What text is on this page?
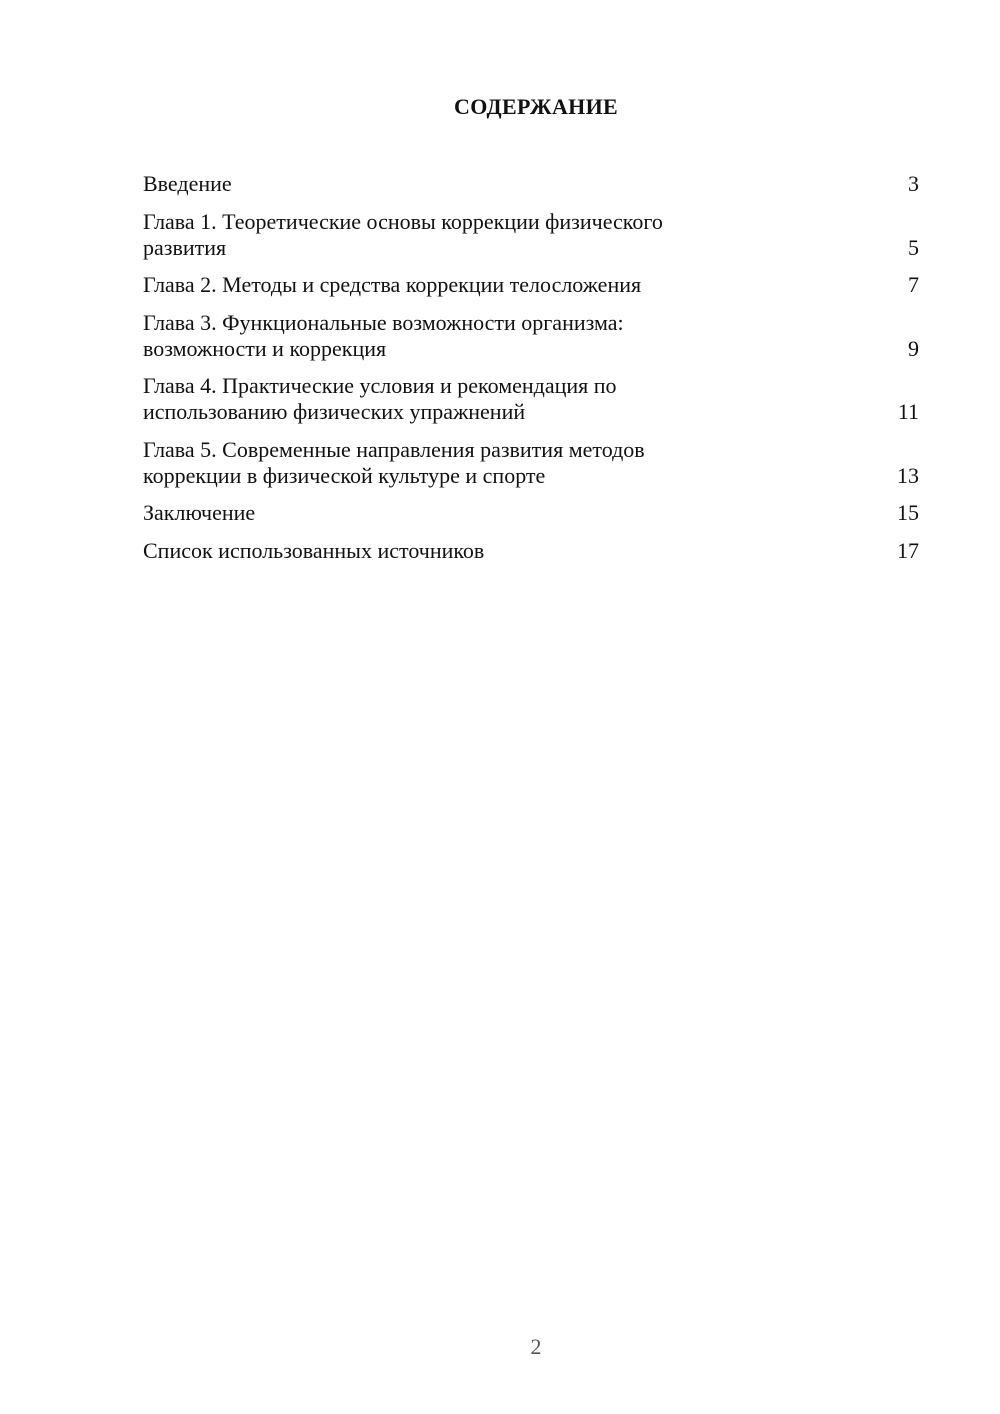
СОДЕРЖАНИЕ
Введение	3
Глава 1. Теоретические основы коррекции физического
развития	5
Глава 2. Методы и средства коррекции телосложения	7
Глава 3. Функциональные возможности организма:
возможности и коррекция	9
Глава 4. Практические условия и рекомендация по
использованию физических упражнений	11
Глава 5. Современные направления развития методов
коррекции в физической культуре и спорте	13
Заключение	15
Список использованных источников	17
2
